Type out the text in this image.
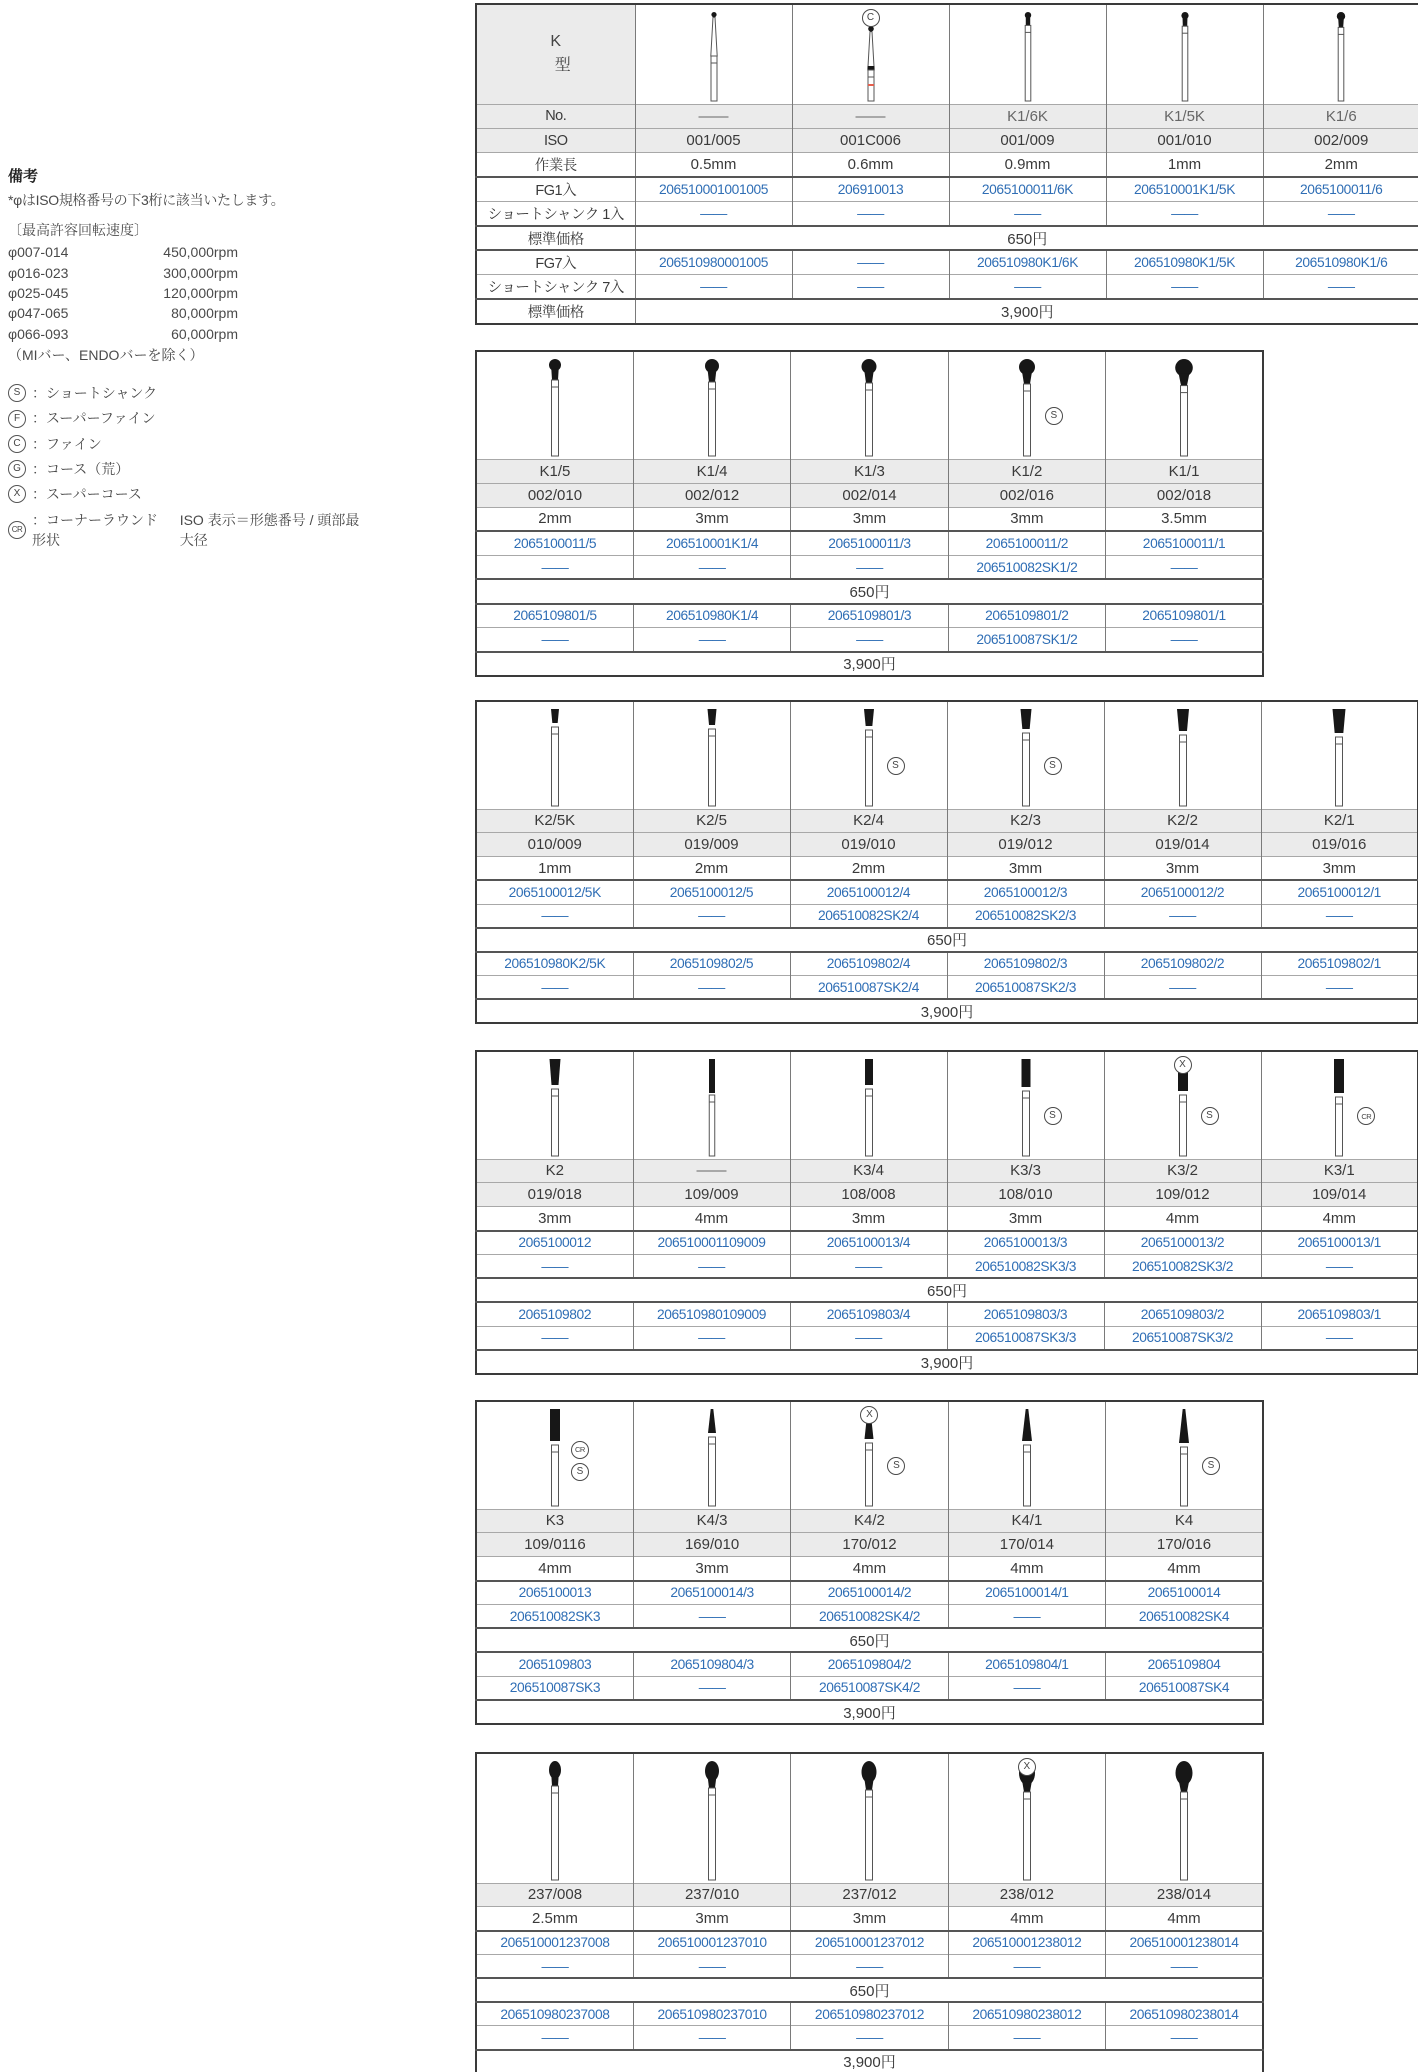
備考
*φはISO規格番号の下3桁に該当いたします。
〔最高許容回転速度〕
φ007-014	450,000rpm
φ016-023	300,000rpm
φ025-045	120,000rpm
φ047-065	80,000rpm
φ066-093	60,000rpm
（MIバー、ENDOバーを除く）
S ：ショートシャンク
F ：スーパーファイン
C ：ファイン
G ：コース（荒）
X ：スーパーコース
CR
：コーナーラウンド形状
ISO 表示＝形態番号 / 頭部最大径
K
型		C

No.	——	——	K1/6K	K1/5K	K1/6
ISO	001/005	001C006	001/009	001/010	002/009
作業長	0.5mm	0.6mm	0.9mm	1mm	2mm
FG1入	206510001001005	206910013	2065100011/6K	206510001K1/5K	2065100011/6
ショートシャンク 1入	——	——	——	——	——
標準価格	650円				
FG7入	206510980001005	——	206510980K1/6K	206510980K1/5K	206510980K1/6
ショートシャンク 7入	——	——	——	——	——
標準価格	3,900円				

S

K1/5	K1/4	K1/3	K1/2	K1/1
002/010	002/012	002/014	002/016	002/018
2mm	3mm	3mm	3mm	3.5mm
2065100011/5	206510001K1/4	2065100011/3	2065100011/2	2065100011/1
——	——	——	206510082SK1/2	——
650円				
2065109801/5	206510980K1/4	2065109801/3	2065109801/2	2065109801/1
——	——	——	206510087SK1/2	——
3,900円				

S	S

K2/5K	K2/5	K2/4	K2/3	K2/2	K2/1
010/009	019/009	019/010	019/012	019/014	019/016
1mm	2mm	2mm	3mm	3mm	3mm
2065100012/5K	2065100012/5	2065100012/4	2065100012/3	2065100012/2	2065100012/1
——	——	206510082SK2/4	206510082SK2/3	——	——
650円					
206510980K2/5K	2065109802/5	2065109802/4	2065109802/3	2065109802/2	2065109802/1
——	——	206510087SK2/4	206510087SK2/3	——	——
3,900円					

S	X
S	CR

K2	——	K3/4	K3/3	K3/2	K3/1
019/018	109/009	108/008	108/010	109/012	109/014
3mm	4mm	3mm	3mm	4mm	4mm
2065100012	206510001109009	2065100013/4	2065100013/3	2065100013/2	2065100013/1
——	——	——	206510082SK3/3	206510082SK3/2	——
650円					
2065109802	206510980109009	2065109803/4	2065109803/3	2065109803/2	2065109803/1
——	——	——	206510087SK3/3	206510087SK3/2	——
3,900円					
CR
S		X
S		S

K3	K4/3	K4/2	K4/1	K4
109/0116	169/010	170/012	170/014	170/016
4mm	3mm	4mm	4mm	4mm
2065100013	2065100014/3	2065100014/2	2065100014/1	2065100014
206510082SK3	——	206510082SK4/2	——	206510082SK4
650円				
2065109803	2065109804/3	2065109804/2	2065109804/1	2065109804
206510087SK3	——	206510087SK4/2	——	206510087SK4
3,900円				

X

237/008	237/010	237/012	238/012	238/014
2.5mm	3mm	3mm	4mm	4mm
206510001237008	206510001237010	206510001237012	206510001238012	206510001238014
——	——	——	——	——
650円				
206510980237008	206510980237010	206510980237012	206510980238012	206510980238014
——	——	——	——	——
3,900円				
